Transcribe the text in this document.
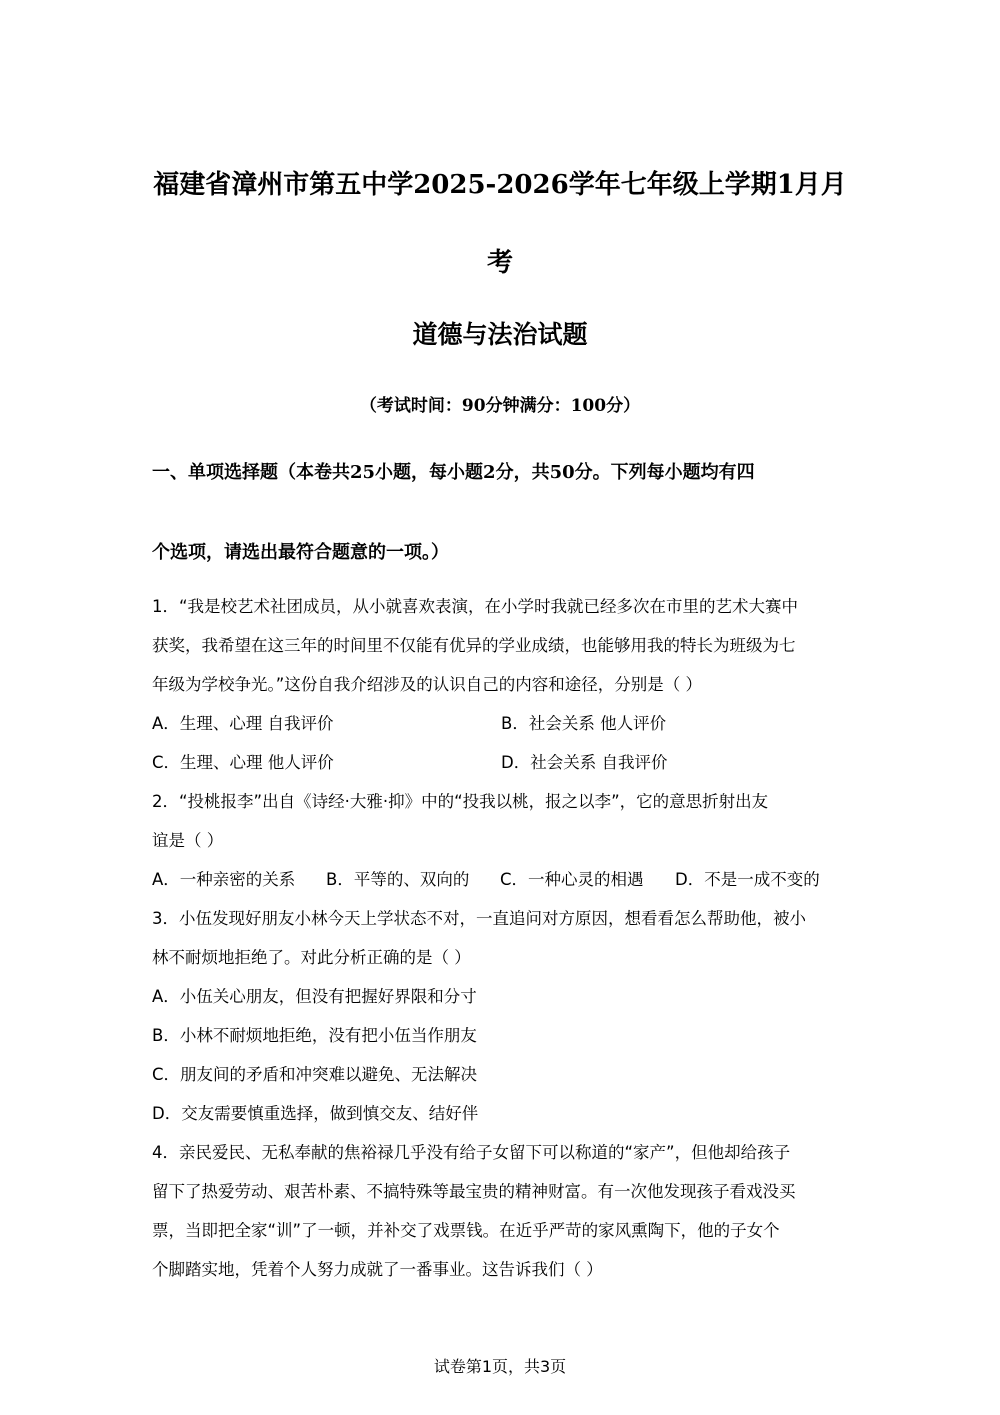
福建省漳州市第五中学2025-2026学年七年级上学期1月月
考
道德与法治试题
（考试时间：90分钟满分：100分）
一、单项选择题（本卷共25小题，每小题2分，共50分。下列每小题均有四
个选项，请选出最符合题意的一项。）
1．“我是校艺术社团成员，从小就喜欢表演，在小学时我就已经多次在市里的艺术大赛中
获奖，我希望在这三年的时间里不仅能有优异的学业成绩，也能够用我的特长为班级为七
年级为学校争光。”这份自我介绍涉及的认识自己的内容和途径，分别是（ ）
A．生理、心理 自我评价	B．社会关系 他人评价
C．生理、心理 他人评价	D．社会关系 自我评价
2．“投桃报李”出自《诗经·大雅·抑》中的“投我以桃，报之以李”，它的意思折射出友
谊是（ ）
A．一种亲密的关系 B．平等的、双向的 C．一种心灵的相遇 D．不是一成不变的
3．小伍发现好朋友小林今天上学状态不对，一直追问对方原因，想看看怎么帮助他，被小
林不耐烦地拒绝了。对此分析正确的是（ ）
A．小伍关心朋友，但没有把握好界限和分寸
B．小林不耐烦地拒绝，没有把小伍当作朋友
C．朋友间的矛盾和冲突难以避免、无法解决
D．交友需要慎重选择，做到慎交友、结好伴
4．亲民爱民、无私奉献的焦裕禄几乎没有给子女留下可以称道的“家产”，但他却给孩子
留下了热爱劳动、艰苦朴素、不搞特殊等最宝贵的精神财富。有一次他发现孩子看戏没买
票，当即把全家“训”了一顿，并补交了戏票钱。在近乎严苛的家风熏陶下，他的子女个
个脚踏实地，凭着个人努力成就了一番事业。这告诉我们（ ）
试卷第1页，共3页
